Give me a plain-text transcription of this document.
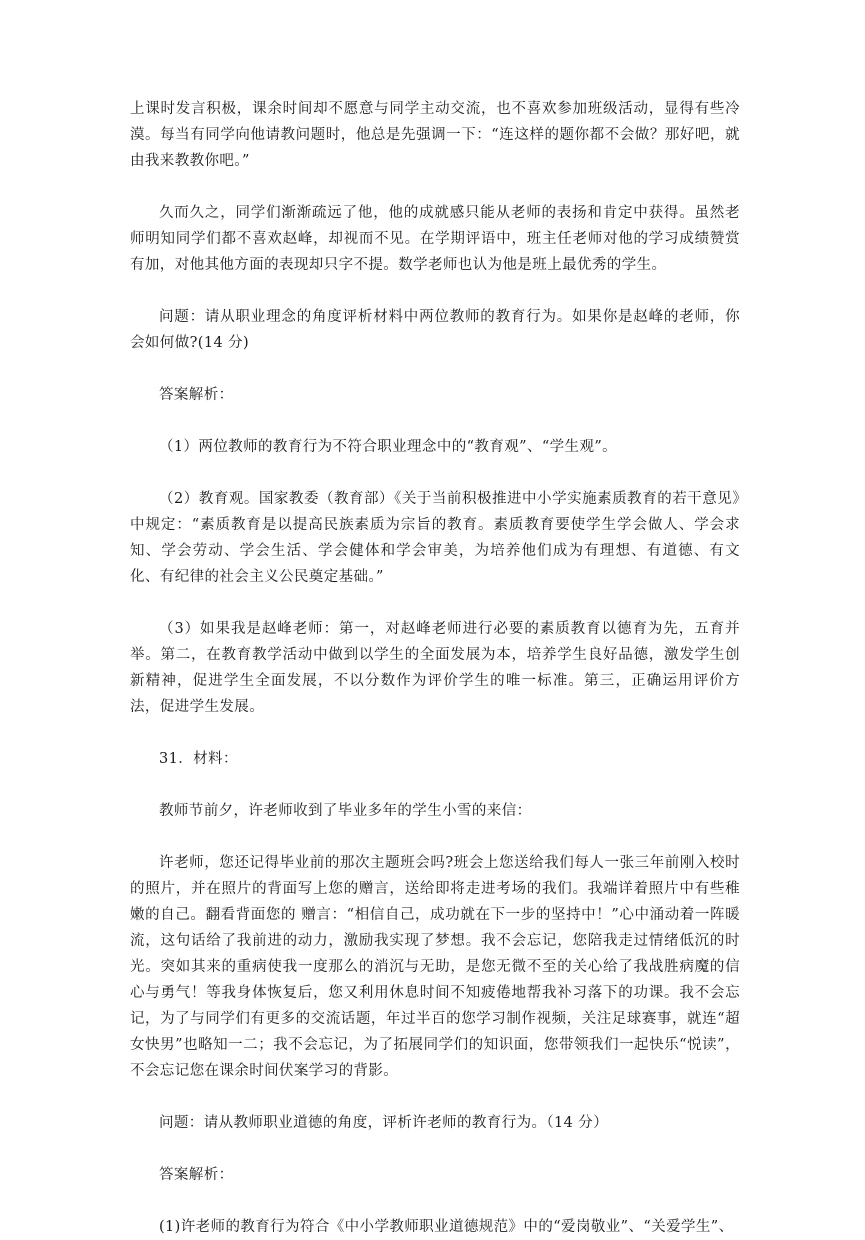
上课时发言积极，课余时间却不愿意与同学主动交流，也不喜欢参加班级活动，显得有些冷漠。每当有同学向他请教问题时，他总是先强调一下：“连这样的题你都不会做？那好吧，就由我来教教你吧。”

久而久之，同学们渐渐疏远了他，他的成就感只能从老师的表扬和肯定中获得。虽然老师明知同学们都不喜欢赵峰，却视而不见。在学期评语中，班主任老师对他的学习成绩赞赏有加，对他其他方面的表现却只字不提。数学老师也认为他是班上最优秀的学生。

问题：请从职业理念的角度评析材料中两位教师的教育行为。如果你是赵峰的老师，你会如何做?(14 分)

答案解析：

（1）两位教师的教育行为不符合职业理念中的“教育观”、“学生观”。

（2）教育观。国家教委（教育部）《关于当前积极推进中小学实施素质教育的若干意见》中规定：“素质教育是以提高民族素质为宗旨的教育。素质教育要使学生学会做人、学会求知、学会劳动、学会生活、学会健体和学会审美，为培养他们成为有理想、有道德、有文化、有纪律的社会主义公民奠定基础。”

（3）如果我是赵峰老师：第一，对赵峰老师进行必要的素质教育以德育为先，五育并举。第二，在教育教学活动中做到以学生的全面发展为本，培养学生良好品德，激发学生创新精神，促进学生全面发展，不以分数作为评价学生的唯一标准。第三，正确运用评价方法，促进学生发展。

31．材料：

教师节前夕，许老师收到了毕业多年的学生小雪的来信：

许老师，您还记得毕业前的那次主题班会吗?班会上您送给我们每人一张三年前刚入校时的照片，并在照片的背面写上您的赠言，送给即将走进考场的我们。我端详着照片中有些稚嫩的自己。翻看背面您的 赠言：“相信自己，成功就在下一步的坚持中！”心中涌动着一阵暖流，这句话给了我前进的动力，激励我实现了梦想。我不会忘记，您陪我走过情绪低沉的时光。突如其来的重病使我一度那么的消沉与无助，是您无微不至的关心给了我战胜病魔的信心与勇气！等我身体恢复后，您又利用休息时间不知疲倦地帮我补习落下的功课。我不会忘记，为了与同学们有更多的交流话题，年过半百的您学习制作视频，关注足球赛事，就连“超女快男”也略知一二；我不会忘记，为了拓展同学们的知识面，您带领我们一起快乐“悦读”，不会忘记您在课余时间伏案学习的背影。

问题：请从教师职业道德的角度，评析许老师的教育行为。（14 分）

答案解析：

(1)许老师的教育行为符合《中小学教师职业道德规范》中的“爱岗敬业”、“关爱学生”、
